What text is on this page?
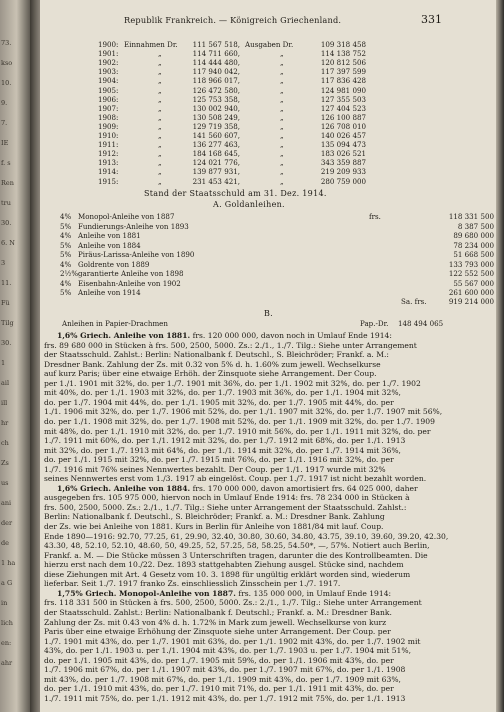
73.
kso
10.
9.
7.
IE
f. s
Ren
tru
30.
6. N
3
11.
Fü
Tilg
30.
1
ail
ill
hr
ch
Zs
us
ani
der
de
1 ha
a G
in
lich
en:
ahr
Republik Frankreich. — Königreich Griechenland.	331
1900: Einnahmen Dr.	111 567 518, Ausgaben Dr.	109 318 458
1901:	„	114 711 660,	„	114 138 752
1902:	„	114 444 480,	„	120 812 506
1903:	„	117 940 042,	„	117 397 599
1904:	„	118 966 017,	„	117 836 428
1905:	„	126 472 580,	„	124 981 090
1906:	„	125 753 358,	„	127 355 503
1907:	„	130 002 940,	„	127 404 523
1908:	„	130 508 249,	„	126 100 887
1909:	„	129 719 358,	„	126 708 010
1910:	„	141 560 607,	„	140 026 457
1911:	„	136 277 463,	„	135 094 473
1912:	„	184 168 645,	„	183 026 521
1913:	„	124 021 776,	„	343 359 887
1914:	„	139 877 931,	„	219 209 933
1915:	„	231 453 421,	„	280 759 000
Stand der Staatsschuld am 31. Dez. 1914.
A. Goldanleihen.
4% Monopol-Anleihe von 1887	frs.	118 331 500
5% Fundierungs-Anleihe von 1893	8 387 500
4% Anleihe von 1881	89 680 000
5% Anleihe von 1884	78 234 000
5% Piräus-Larissa-Anleihe von 1890	51 668 500
4% Goldrente von 1889	133 793 000
2½% garantierte Anleihe von 1898	122 552 500
4% Eisenbahn-Anleihe von 1902	55 567 000
5% Anleihe von 1914	261 600 000
Sa. frs.	919 214 000
B.
Anleihen in Papier-Drachmen	Pap.-Dr. 148 494 065
1,6% Griech. Anleihe von 1881. frs. 120 000 000, davon noch in Umlauf Ende 1914:
frs. 89 680 000 in Stücken à frs. 500, 2500, 5000. Zs.: 2./1., 1./7. Tilg.: Siehe unter Arrangement
der Staatsschuld. Zahlst.: Berlin: Nationalbank f. Deutschl., S. Bleichröder; Frankf. a. M.:
Dresdner Bank. Zahlung der Zs. mit 0.32 von 5% d. h. 1.60% zum jewell. Wechselkurse
auf kurz Paris; über eine etwaige Erhöh. der Zinsquote siehe Arrangement. Der Coup.
per 1./1. 1901 mit 32%, do. per 1./7. 1901 mit 36%, do. per 1./1. 1902 mit 32%, do. per 1./7. 1902
mit 40%, do. per 1./1. 1903 mit 32%, do. per 1./7. 1903 mit 36%, do. per 1./1. 1904 mit 32%,
do. per 1./7. 1904 mit 44%, do. per 1./1. 1905 mit 32%, do. per 1./7. 1905 mit 44%, do. per
1./1. 1906 mit 32%, do. per 1./7. 1906 mit 52%, do. per 1./1. 1907 mit 32%, do. per 1./7. 1907 mit 56%,
do. per 1./1. 1908 mit 32%, do. per 1./7. 1908 mit 52%, do. per 1./1. 1909 mit 32%, do. per 1./7. 1909
mit 48%, do. per 1./1. 1910 mit 32%, do. per 1./7. 1910 mit 56%, do. per 1./1. 1911 mit 32%, do. per
1./7. 1911 mit 60%, do. per 1./1. 1912 mit 32%, do. per 1./7. 1912 mit 68%, do. per 1./1. 1913
mit 32%, do. per 1./7. 1913 mit 64%, do. per 1./1. 1914 mit 32%, do. per 1./7. 1914 mit 36%,
do. per 1./1. 1915 mit 32%, do. per 1./7. 1915 mit 76%, do. per 1./1. 1916 mit 32%, do. per
1./7. 1916 mit 76% seines Nennwertes bezahlt. Der Coup. per 1./1. 1917 wurde mit 32%
seines Nennwertes erst vom 1./3. 1917 ab eingelöst. Coup. per 1./7. 1917 ist nicht bezahlt worden.
1,6% Griech. Anleihe von 1884. frs. 170 000 000, davon amortisiert frs. 64 025 000, daher
ausgegeben frs. 105 975 000, hiervon noch in Umlauf Ende 1914: frs. 78 234 000 in Stücken à
frs. 500, 2500, 5000. Zs.: 2./1., 1./7. Tilg.: Siehe unter Arrangement der Staatsschuld. Zahlst.:
Berlin: Nationalbank f. Deutschl., S. Bleichröder; Frankf. a. M.: Dresdner Bank. Zahlung
der Zs. wie bei Anleihe von 1881. Kurs in Berlin für Anleihe von 1881/84 mit lauf. Coup.
Ende 1890—1916: 92.70, 77.25, 61, 29.90, 32.40, 30.80, 30.60, 34.80, 43.75, 39.10, 39.60, 39.20, 42.30,
43.30, 48, 52.10, 52.10, 48.60, 50, 49.25, 52, 57.25, 58, 58.25, 54.50*, —, 57%. Notiert auch Berlin,
Frankf. a. M. — Die Stücke müssen 3 Unterschriften tragen, darunter die des Kontrollbeamten. Die
hierzu erst nach dem 10./22. Dez. 1893 stattgehabten Ziehung ausgel. Stücke sind, nachdem
diese Ziehungen mit Art. 4 Gesetz vom 10. 3. 1898 für ungültig erklärt worden sind, wiederum
lieferbar. Seit 1./7. 1917 franko Zs. einschliesslich Zinsschein per 1./7. 1917.
1,75% Griech. Monopol-Anleihe von 1887. frs. 135 000 000, in Umlauf Ende 1914:
frs. 118 331 500 in Stücken à frs. 500, 2500, 5000. Zs.: 2./1., 1./7. Tilg.: Siehe unter Arrangement
der Staatsschuld. Zahlst.: Berlin: Nationalbank f. Deutschl.; Frankf. a. M.: Dresdner Bank.
Zahlung der Zs. mit 0.43 von 4% d. h. 1.72% in Mark zum jewell. Wechselkurse von kurz
Paris über eine etwaige Erhöhung der Zinsquote siehe unter Arrangement. Der Coup. per
1./7. 1901 mit 43%, do. per 1./7. 1901 mit 63%, do. per 1./1. 1902 mit 43%, do. per 1./7. 1902 mit
43%, do. per 1./1. 1903 u. per 1./1. 1904 mit 43%, do. per 1./7. 1903 u. per 1./7. 1904 mit 51%,
do. per 1./1. 1905 mit 43%, do. per 1./7. 1905 mit 59%, do. per 1./1. 1906 mit 43%, do. per
1./7. 1906 mit 67%, do. per 1./1. 1907 mit 43%, do. per 1./7. 1907 mit 67%, do. per 1./1. 1908
mit 43%, do. per 1./7. 1908 mit 67%, do. per 1./1. 1909 mit 43%, do. per 1./7. 1909 mit 63%,
do. per 1./1. 1910 mit 43%, do. per 1./7. 1910 mit 71%, do. per 1./1. 1911 mit 43%, do. per
1./7. 1911 mit 75%, do. per 1./1. 1912 mit 43%, do. per 1./7. 1912 mit 75%, do. per 1./1. 1913
